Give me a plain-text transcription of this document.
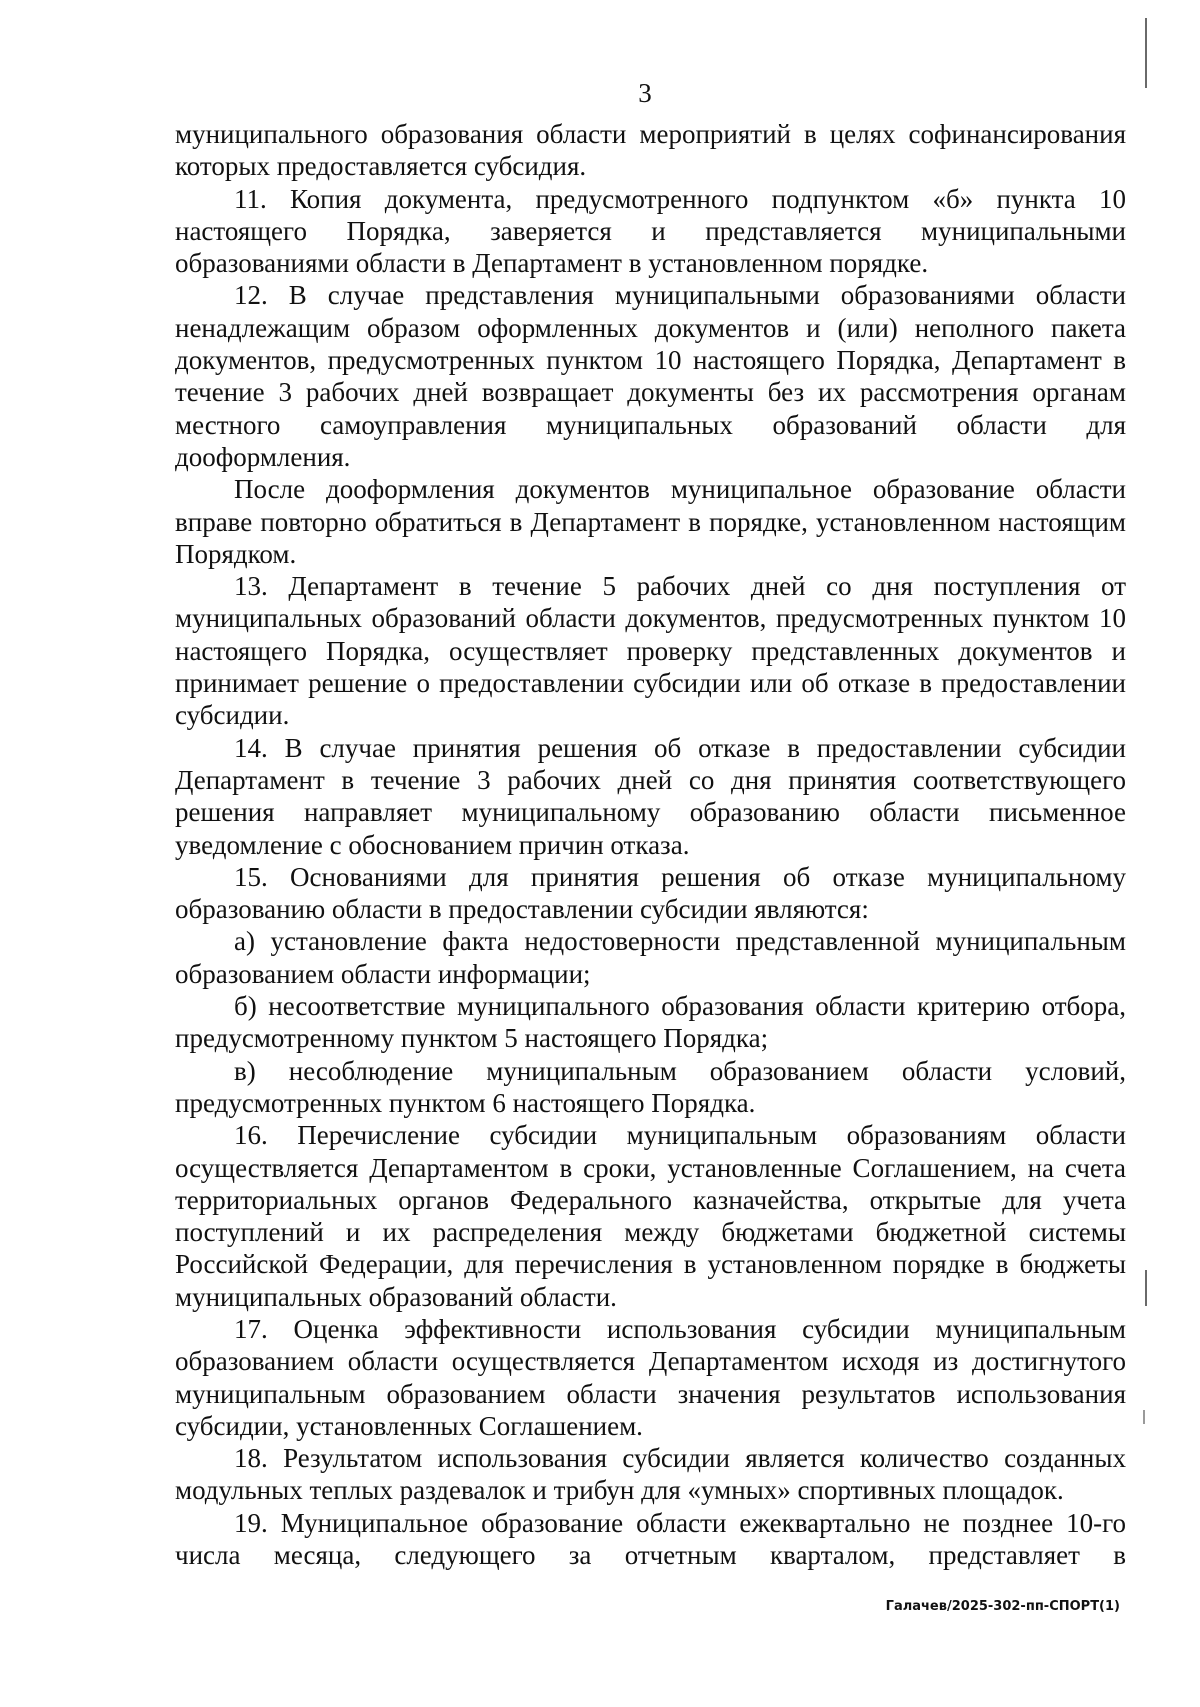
3

муниципального образования области мероприятий в целях софинансирования которых предоставляется субсидия.

11. Копия документа, предусмотренного подпунктом «б» пункта 10 настоящего Порядка, заверяется и представляется муниципальными образованиями области в Департамент в установленном порядке.

12. В случае представления муниципальными образованиями области ненадлежащим образом оформленных документов и (или) неполного пакета документов, предусмотренных пунктом 10 настоящего Порядка, Департамент в течение 3 рабочих дней возвращает документы без их рассмотрения органам местного самоуправления муниципальных образований области для дооформления.

После дооформления документов муниципальное образование области вправе повторно обратиться в Департамент в порядке, установленном настоящим Порядком.

13. Департамент в течение 5 рабочих дней со дня поступления от муниципальных образований области документов, предусмотренных пунктом 10 настоящего Порядка, осуществляет проверку представленных документов и принимает решение о предоставлении субсидии или об отказе в предоставлении субсидии.

14. В случае принятия решения об отказе в предоставлении субсидии Департамент в течение 3 рабочих дней со дня принятия соответствующего решения направляет муниципальному образованию области письменное уведомление с обоснованием причин отказа.

15. Основаниями для принятия решения об отказе муниципальному образованию области в предоставлении субсидии являются:

а) установление факта недостоверности представленной муниципальным образованием области информации;

б) несоответствие муниципального образования области критерию отбора, предусмотренному пунктом 5 настоящего Порядка;

в) несоблюдение муниципальным образованием области условий, предусмотренных пунктом 6 настоящего Порядка.

16. Перечисление субсидии муниципальным образованиям области осуществляется Департаментом в сроки, установленные Соглашением, на счета территориальных органов Федерального казначейства, открытые для учета поступлений и их распределения между бюджетами бюджетной системы Российской Федерации, для перечисления в установленном порядке в бюджеты муниципальных образований области.

17. Оценка эффективности использования субсидии муниципальным образованием области осуществляется Департаментом исходя из достигнутого муниципальным образованием области значения результатов использования субсидии, установленных Соглашением.

18. Результатом использования субсидии является количество созданных модульных теплых раздевалок и трибун для «умных» спортивных площадок.

19. Муниципальное образование области ежеквартально не позднее 10-го числа месяца, следующего за отчетным кварталом, представляет в

Галачев/2025-302-пп-СПОРТ(1)
